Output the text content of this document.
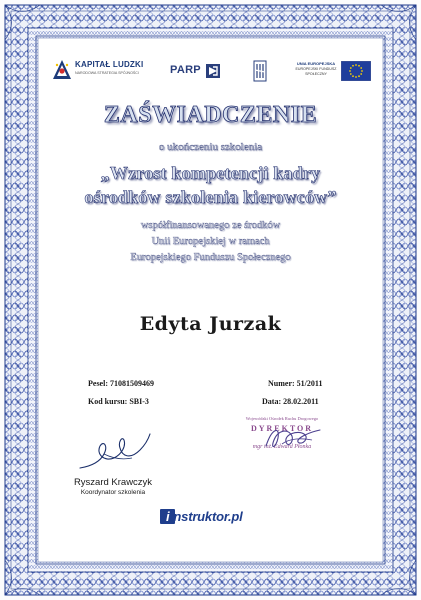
KAPITAŁ LUDZKI
NARODOWA STRATEGIA SPÓJNOŚCI	PARP
UNIA EUROPEJSKA
EUROPEJSKI FUNDUSZ SPOŁECZNY
ZAŚWIADCZENIE
o ukończeniu szkolenia
„Wzrost kompetencji kadry
ośrodków szkolenia kierowców”
współfinansowanego ze środków
Unii Europejskiej w ramach
Europejskiego Funduszu Społecznego
Edyta Jurzak
Pesel: 71081509469
Kod kursu: SBI-3
Numer: 51/2011
Data: 28.02.2011
Wojewódzki Ośrodek Ruchu Drogowego
DYREKTOR
mgr inż. Edward Płonka
Ryszard Krawczyk
Koordynator szkolenia
i nstruktor.pl
